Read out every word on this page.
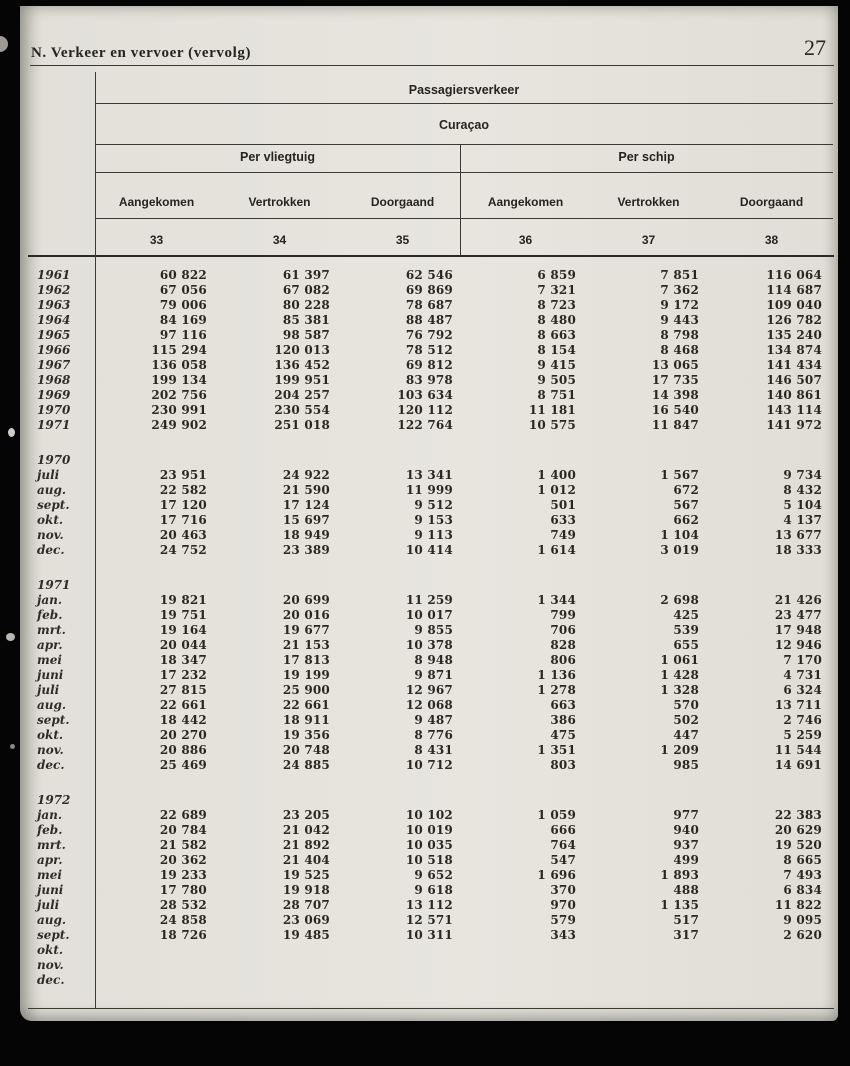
N. Verkeer en vervoer (vervolg)	27
Passagiersverkeer
Curaçao
Per vliegtuig	Per schip
Aangekomen	Vertrokken	Doorgaand	Aangekomen	Vertrokken	Doorgaand
33	34	35	36	37	38
1961	60 822	61 397	62 546	6 859	7 851	116 064
1962	67 056	67 082	69 869	7 321	7 362	114 687
1963	79 006	80 228	78 687	8 723	9 172	109 040
1964	84 169	85 381	88 487	8 480	9 443	126 782
1965	97 116	98 587	76 792	8 663	8 798	135 240
1966	115 294	120 013	78 512	8 154	8 468	134 874
1967	136 058	136 452	69 812	9 415	13 065	141 434
1968	199 134	199 951	83 978	9 505	17 735	146 507
1969	202 756	204 257	103 634	8 751	14 398	140 861
1970	230 991	230 554	120 112	11 181	16 540	143 114
1971	249 902	251 018	122 764	10 575	11 847	141 972
1970
juli	23 951	24 922	13 341	1 400	1 567	9 734
aug.	22 582	21 590	11 999	1 012	672	8 432
sept.	17 120	17 124	9 512	501	567	5 104
okt.	17 716	15 697	9 153	633	662	4 137
nov.	20 463	18 949	9 113	749	1 104	13 677
dec.	24 752	23 389	10 414	1 614	3 019	18 333
1971
jan.	19 821	20 699	11 259	1 344	2 698	21 426
feb.	19 751	20 016	10 017	799	425	23 477
mrt.	19 164	19 677	9 855	706	539	17 948
apr.	20 044	21 153	10 378	828	655	12 946
mei	18 347	17 813	8 948	806	1 061	7 170
juni	17 232	19 199	9 871	1 136	1 428	4 731
juli	27 815	25 900	12 967	1 278	1 328	6 324
aug.	22 661	22 661	12 068	663	570	13 711
sept.	18 442	18 911	9 487	386	502	2 746
okt.	20 270	19 356	8 776	475	447	5 259
nov.	20 886	20 748	8 431	1 351	1 209	11 544
dec.	25 469	24 885	10 712	803	985	14 691
1972
jan.	22 689	23 205	10 102	1 059	977	22 383
feb.	20 784	21 042	10 019	666	940	20 629
mrt.	21 582	21 892	10 035	764	937	19 520
apr.	20 362	21 404	10 518	547	499	8 665
mei	19 233	19 525	9 652	1 696	1 893	7 493
juni	17 780	19 918	9 618	370	488	6 834
juli	28 532	28 707	13 112	970	1 135	11 822
aug.	24 858	23 069	12 571	579	517	9 095
sept.	18 726	19 485	10 311	343	317	2 620
okt.
nov.
dec.
